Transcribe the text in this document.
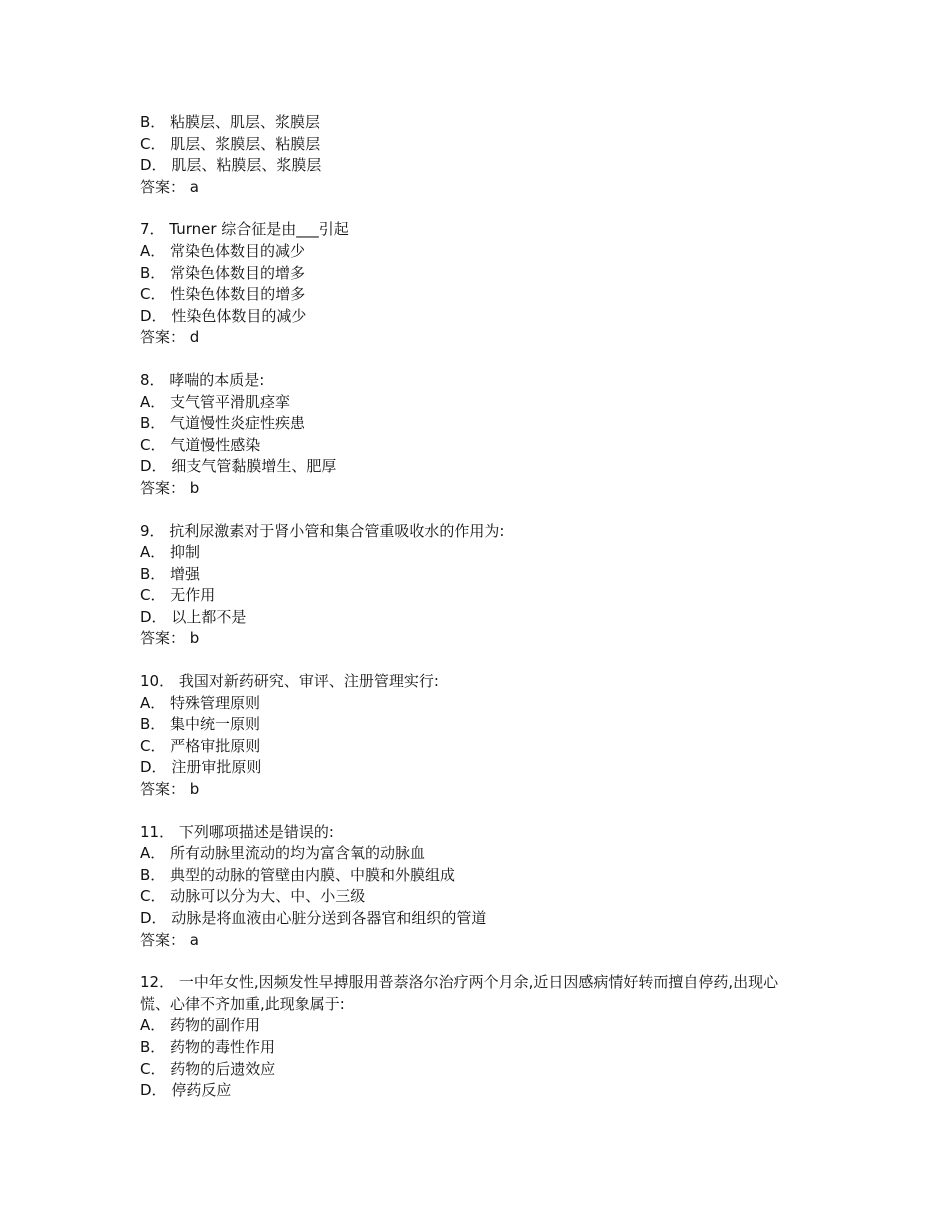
B． 粘膜层、肌层、浆膜层
C． 肌层、浆膜层、粘膜层
D． 肌层、粘膜层、浆膜层
答案： a
7． Turner 综合征是由___引起
A． 常染色体数目的减少
B． 常染色体数目的增多
C． 性染色体数目的增多
D． 性染色体数目的减少
答案： d
8． 哮喘的本质是:
A． 支气管平滑肌痉挛
B． 气道慢性炎症性疾患
C． 气道慢性感染
D． 细支气管黏膜增生、肥厚
答案： b
9． 抗利尿激素对于肾小管和集合管重吸收水的作用为:
A． 抑制
B． 增强
C． 无作用
D． 以上都不是
答案： b
10． 我国对新药研究、审评、注册管理实行:
A． 特殊管理原则
B． 集中统一原则
C． 严格审批原则
D． 注册审批原则
答案： b
11． 下列哪项描述是错误的:
A． 所有动脉里流动的均为富含氧的动脉血
B． 典型的动脉的管壁由内膜、中膜和外膜组成
C． 动脉可以分为大、中、小三级
D． 动脉是将血液由心脏分送到各器官和组织的管道
答案： a
12． 一中年女性,因频发性早搏服用普萘洛尔治疗两个月余,近日因感病情好转而擅自停药,出现心
慌、心律不齐加重,此现象属于:
A． 药物的副作用
B． 药物的毒性作用
C． 药物的后遗效应
D． 停药反应
